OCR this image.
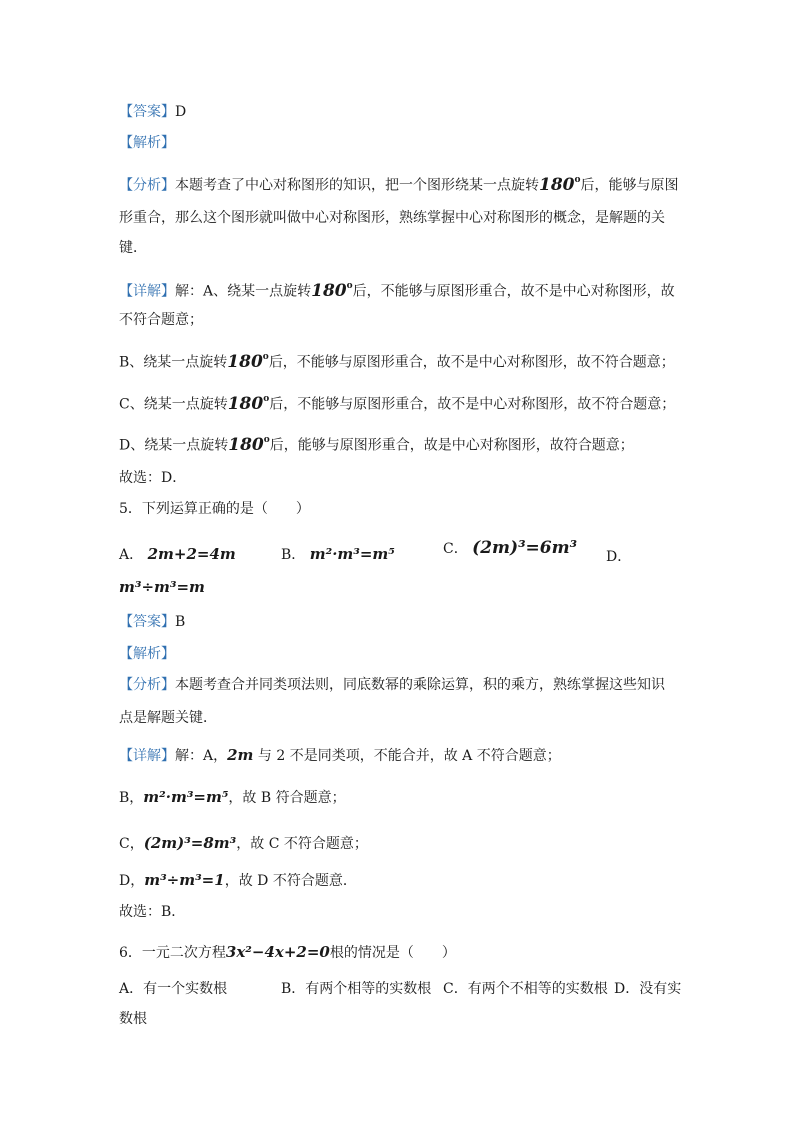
【答案】D
【解析】
【分析】本题考查了中心对称图形的知识，把一个图形绕某一点旋转180$^o$后，能够与原图
形重合，那么这个图形就叫做中心对称图形，熟练掌握中心对称图形的概念，是解题的关
键．
【详解】解：A、绕某一点旋转180$^o$后，不能够与原图形重合，故不是中心对称图形，故
不符合题意；
B、绕某一点旋转180$^o$后，不能够与原图形重合，故不是中心对称图形，故不符合题意；
C、绕某一点旋转180$^o$后，不能够与原图形重合，故不是中心对称图形，故不符合题意；
D、绕某一点旋转180$^o$后，能够与原图形重合，故是中心对称图形，故符合题意；
故选：D．
5．下列运算正确的是（　　）
A． 2m+2=4m	B． m²·m³=m⁵	C． (2m)³=6m³ D．
m³÷m³=m
【答案】B
【解析】
【分析】本题考查合并同类项法则，同底数幂的乘除运算，积的乘方，熟练掌握这些知识
点是解题关键．
【详解】解：A，2m 与 2 不是同类项，不能合并，故 A 不符合题意；
B，m²·m³=m⁵，故 B 符合题意；
C，(2m)³=8m³，故 C 不符合题意；
D，m³÷m³=1，故 D 不符合题意．
故选：B．
6．一元二次方程3x²−4x+2=0根的情况是（　　）
A．有一个实数根	B．有两个相等的实数根 C．有两个不相等的实数根 D．没有实
数根
